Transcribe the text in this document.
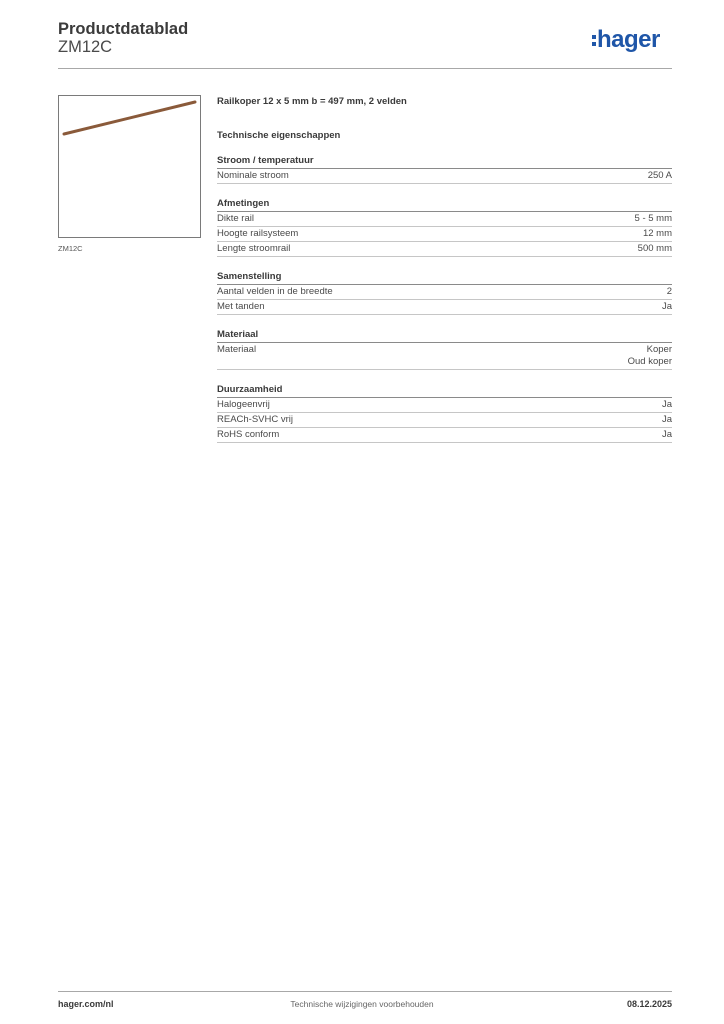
Productdatablad
ZM12C	hager
ZM12C
Railkoper 12 x 5 mm b = 497 mm, 2 velden
Technische eigenschappen
Stroom / temperatuur
Nominale stroom	250 A
Afmetingen
Dikte rail	5 - 5 mm
Hoogte railsysteem	12 mm
Lengte stroomrail	500 mm
Samenstelling
Aantal velden in de breedte	2
Met tanden	Ja
Materiaal
Materiaal	Koper
Oud koper
Duurzaamheid
Halogeenvrij	Ja
REACh-SVHC vrij	Ja
RoHS conform	Ja
hager.com/nl	Technische wijzigingen voorbehouden	08.12.2025
